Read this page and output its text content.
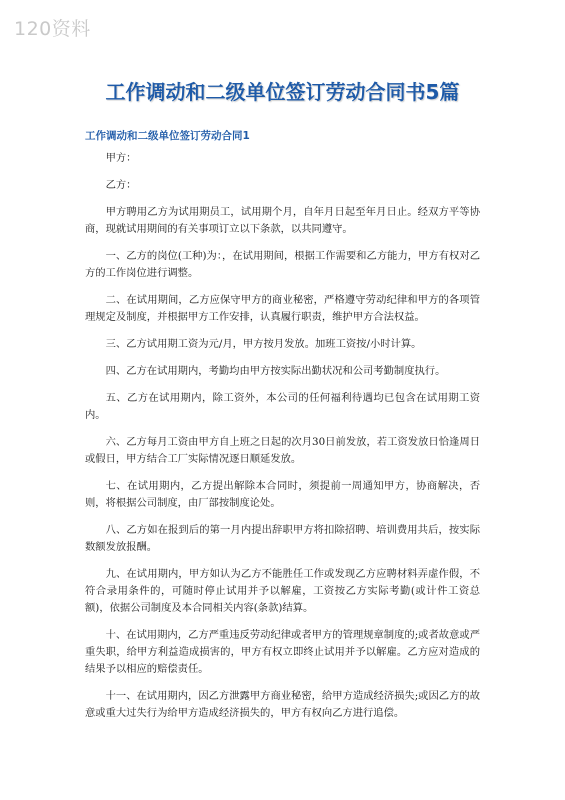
120资料
工作调动和二级单位签订劳动合同书5篇
工作调动和二级单位签订劳动合同1

甲方：

乙方：

甲方聘用乙方为试用期员工，试用期个月，自年月日起至年月日止。经双方平等协商，现就试用期间的有关事项订立以下条款，以共同遵守。

一、乙方的岗位(工种)为：，在试用期间，根据工作需要和乙方能力，甲方有权对乙方的工作岗位进行调整。

二、在试用期间，乙方应保守甲方的商业秘密，严格遵守劳动纪律和甲方的各项管理规定及制度，并根据甲方工作安排，认真履行职责，维护甲方合法权益。

三、乙方试用期工资为元/月，甲方按月发放。加班工资按/小时计算。

四、乙方在试用期内，考勤均由甲方按实际出勤状况和公司考勤制度执行。

五、乙方在试用期内，除工资外，本公司的任何福利待遇均已包含在试用期工资内。

六、乙方每月工资由甲方自上班之日起的次月30日前发放，若工资发放日恰逢周日或假日，甲方结合工厂实际情况逐日顺延发放。

七、在试用期内，乙方提出解除本合同时，须提前一周通知甲方，协商解决，否则，将根据公司制度，由厂部按制度论处。

八、乙方如在报到后的第一月内提出辞职甲方将扣除招聘、培训费用共后，按实际数额发放报酬。

九、在试用期内，甲方如认为乙方不能胜任工作或发现乙方应聘材料弄虚作假，不符合录用条件的，可随时停止试用并予以解雇，工资按乙方实际考勤(或计件工资总额)，依据公司制度及本合同相关内容(条款)结算。

十、在试用期内，乙方严重违反劳动纪律或者甲方的管理规章制度的;或者故意或严重失职，给甲方利益造成损害的，甲方有权立即终止试用并予以解雇。乙方应对造成的结果予以相应的赔偿责任。

十一、在试用期内，因乙方泄露甲方商业秘密，给甲方造成经济损失;或因乙方的故意或重大过失行为给甲方造成经济损失的，甲方有权向乙方进行追偿。
